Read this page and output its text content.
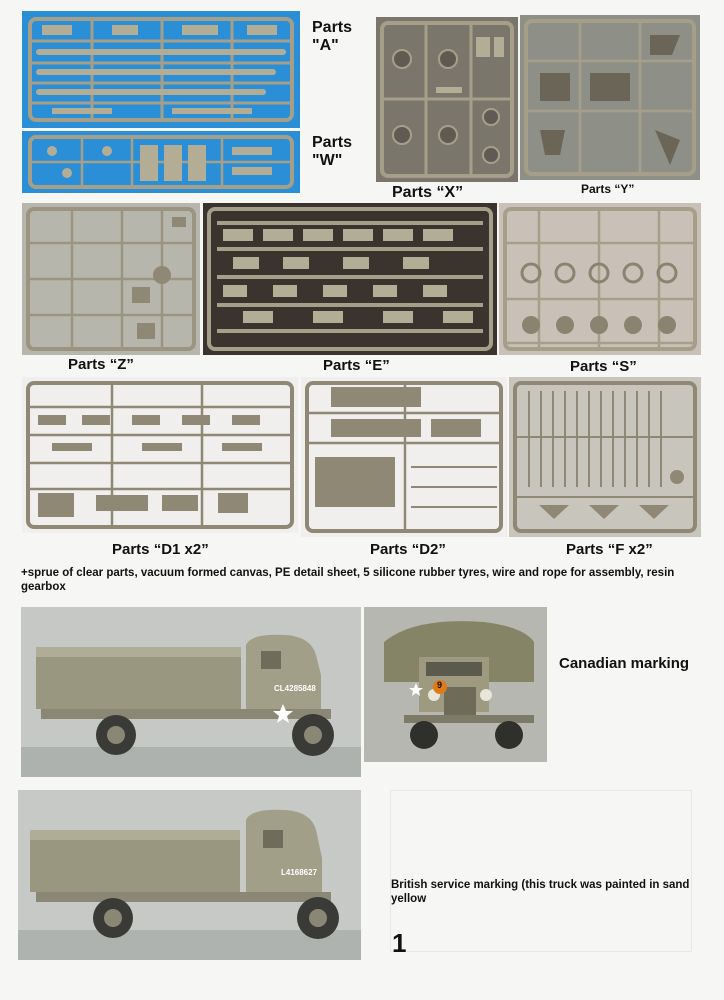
Parts "A"
Parts "W"
Parts “X”	Parts “Y”
Parts “Z”	Parts “E”	Parts “S”
Parts “D1 x2”	Parts “D2”	Parts “F x2”
+sprue of clear parts, vacuum formed canvas, PE detail sheet, 5 silicone rubber tyres, wire and rope for assembly, resin gearbox
CL4285848	9
Canadian marking
L4168627
British service marking (this truck was painted in sand yellow
1
